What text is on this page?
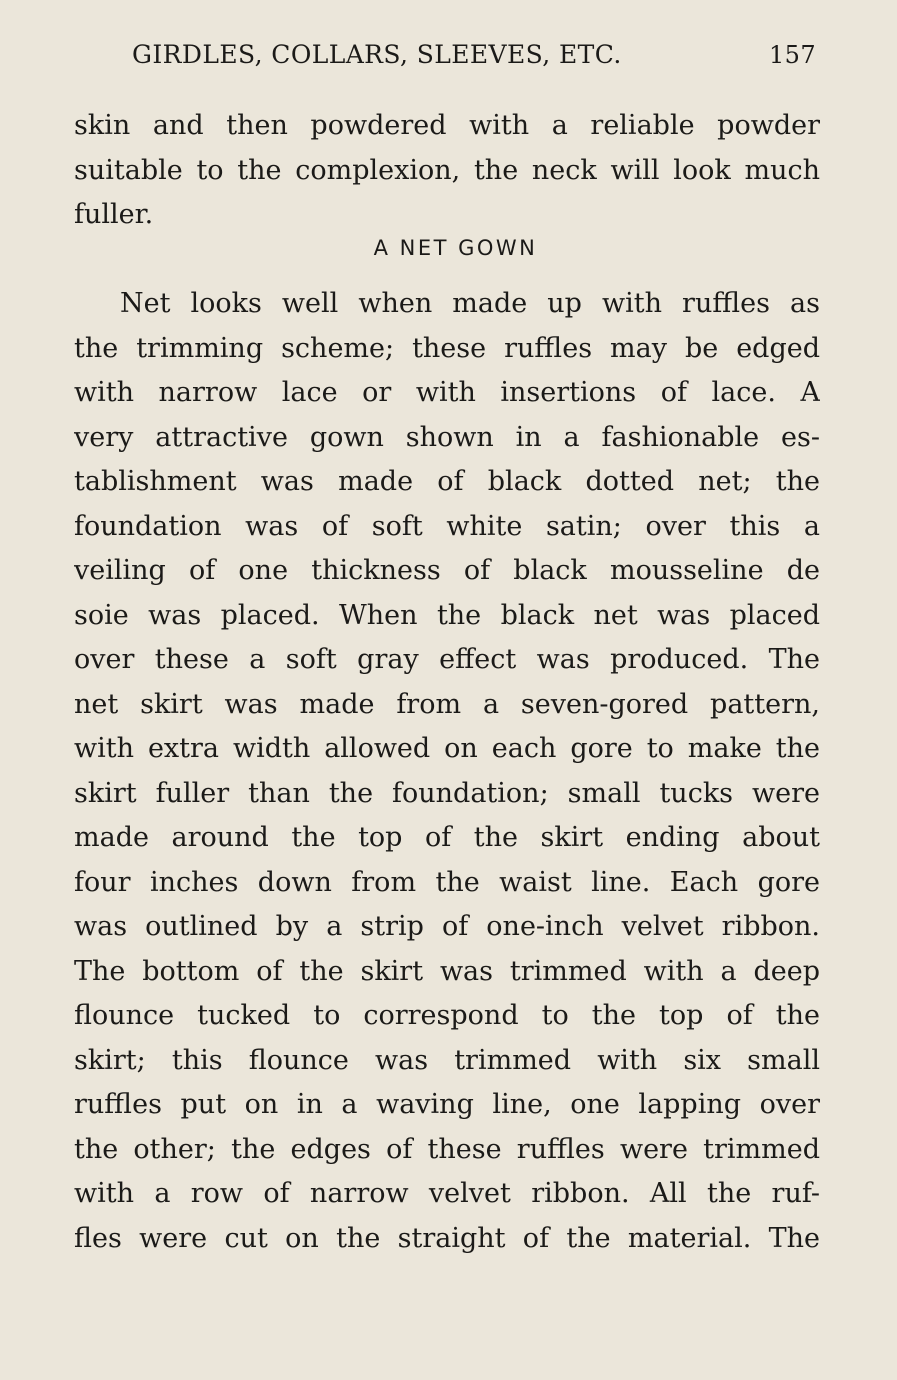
GIRDLES, COLLARS, SLEEVES, ETC.	157
skin and then powdered with a reliable powder
suitable to the complexion, the neck will look much
fuller.
A NET GOWN
Net looks well when made up with ruffles as
the trimming scheme; these ruffles may be edged
with narrow lace or with insertions of lace. A
very attractive gown shown in a fashionable es-
tablishment was made of black dotted net; the
foundation was of soft white satin; over this a
veiling of one thickness of black mousseline de
soie was placed. When the black net was placed
over these a soft gray effect was produced. The
net skirt was made from a seven-gored pattern,
with extra width allowed on each gore to make the
skirt fuller than the foundation; small tucks were
made around the top of the skirt ending about
four inches down from the waist line. Each gore
was outlined by a strip of one-inch velvet ribbon.
The bottom of the skirt was trimmed with a deep
flounce tucked to correspond to the top of the
skirt; this flounce was trimmed with six small
ruffles put on in a waving line, one lapping over
the other; the edges of these ruffles were trimmed
with a row of narrow velvet ribbon. All the ruf-
fles were cut on the straight of the material. The
